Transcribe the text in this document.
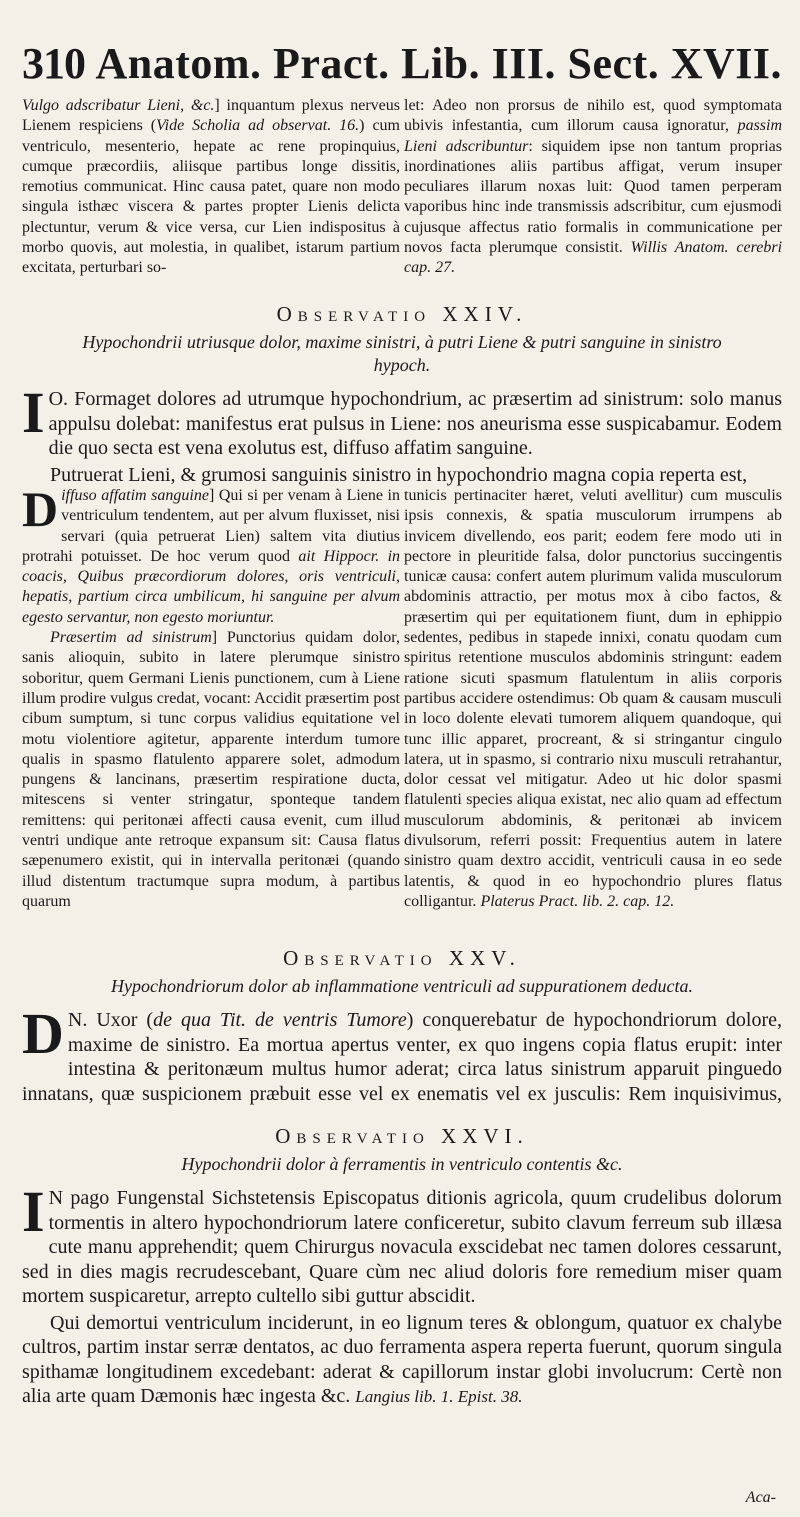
310 Anatom. Pract. Lib. III. Sect. XVII.

Vulgo adscribatur Lieni, &c.] inquantum plexus nerveus Lienem respiciens (Vide Scholia ad observat. 16.) cum ventriculo, mesenterio, hepate ac rene propinquius, cumque præcordiis, aliisque partibus longe dissitis, remotius communicat. Hinc causa patet, quare non modo singula isthæc viscera & partes propter Lienis delicta plectuntur, verum & vice versa, cur Lien indispositus à morbo quovis, aut molestia, in qualibet, istarum partium excitata, perturbari so-

let: Adeo non prorsus de nihilo est, quod symptomata ubivis infestantia, cum illorum causa ignoratur, passim Lieni adscribuntur: siquidem ipse non tantum proprias inordinationes aliis partibus affigat, verum insuper peculiares illarum noxas luit: Quod tamen perperam vaporibus hinc inde transmissis adscribitur, cum ejusmodi cujusque affectus ratio formalis in communicatione per novos facta plerumque consistit. Willis Anatom. cerebri cap. 27.

Observatio XXIV.
Hypochondrii utriusque dolor, maxime sinistri, à putri Liene & putri sanguine in sinistro hypoch.

I O. Formaget dolores ad utrumque hypochondrium, ac præsertim ad sinistrum: solo manus appulsu dolebat: manifestus erat pulsus in Liene: nos aneurisma esse suspicabamur. Eodem die quo secta est vena exolutus est, diffuso affatim sanguine.

Putruerat Lieni, & grumosi sanguinis sinistro in hypochondrio magna copia reperta est,

Diffuso affatim sanguine] Qui si per venam à Liene in ventriculum tendentem, aut per alvum fluxisset, nisi servari (quia petruerat Lien) saltem vita diutius protrahi potuisset. De hoc verum quod ait Hippocr. in coacis, Quibus præcordiorum dolores, oris ventriculi, hepatis, partium circa umbilicum, hi sanguine per alvum egesto servantur, non egesto moriuntur.

Præsertim ad sinistrum] Punctorius quidam dolor, sanis alioquin, subito in latere plerumque sinistro soboritur, quem Germani Lienis punctionem, cum à Liene illum prodire vulgus credat, vocant: Accidit præsertim post cibum sumptum, si tunc corpus validius equitatione vel motu violentiore agitetur, apparente interdum tumore qualis in spasmo flatulento apparere solet, admodum pungens & lancinans, præsertim respiratione ducta, mitescens si venter stringatur, sponteque tandem remittens: qui peritonæi affecti causa evenit, cum illud ventri undique ante retroque expansum sit: Causa flatus sæpenumero existit, qui in intervalla peritonæi (quando illud distentum tractumque supra modum, à partibus quarum

tunicis pertinaciter hæret, veluti avellitur) cum musculis ipsis connexis, & spatia musculorum irrumpens ab invicem divellendo, eos parit; eodem fere modo uti in pectore in pleuritide falsa, dolor punctorius succingentis tunicæ causa: confert autem plurimum valida musculorum abdominis attractio, per motus mox à cibo factos, & præsertim qui per equitationem fiunt, dum in ephippio sedentes, pedibus in stapede innixi, conatu quodam cum spiritus retentione musculos abdominis stringunt: eadem ratione sicuti spasmum flatulentum in aliis corporis partibus accidere ostendimus: Ob quam & causam musculi in loco dolente elevati tumorem aliquem quandoque, qui tunc illic apparet, procreant, & si stringantur cingulo latera, ut in spasmo, si contrario nixu musculi retrahantur, dolor cessat vel mitigatur. Adeo ut hic dolor spasmi flatulenti species aliqua existat, nec alio quam ad effectum musculorum abdominis, & peritonæi ab invicem divulsorum, referri possit: Frequentius autem in latere sinistro quam dextro accidit, ventriculi causa in eo sede latentis, & quod in eo hypochondrio plures flatus colligantur. Platerus Pract. lib. 2. cap. 12.

Observatio XXV.
Hypochondriorum dolor ab inflammatione ventriculi ad suppurationem deducta.

D N. Uxor (de qua Tit. de ventris Tumore) conquerebatur de hypochondriorum dolore, maxime de sinistro. Ea mortua apertus venter, ex quo ingens copia flatus erupit: inter intestina & peritonæum multus humor aderat; circa latus sinistrum apparuit pinguedo innatans, quæ suspicionem præbuit esse vel ex enematis vel ex jusculis: Rem inquisivimus,

Observatio XXVI.
Hypochondrii dolor à ferramentis in ventriculo contentis &c.

I N pago Fungenstal Sichstetensis Episcopatus ditionis agricola, quum crudelibus dolorum tormentis in altero hypochondriorum latere conficeretur, subito clavum ferreum sub illæsa cute manu apprehendit; quem Chirurgus novacula exscidebat nec tamen dolores cessarunt, sed in dies magis recrudescebant, Quare cùm nec aliud doloris fore remedium miser quam mortem suspicaretur, arrepto cultello sibi guttur abscidit.

Qui demortui ventriculum inciderunt, in eo lignum teres & oblongum, quatuor ex chalybe cultros, partim instar serræ dentatos, ac duo ferramenta aspera reperta fuerunt, quorum singula spithamæ longitudinem excedebant: aderat & capillorum instar globi involucrum: Certè non alia arte quam Dæmonis hæc ingesta &c. Langius lib. 1. Epist. 38.

Aca-
